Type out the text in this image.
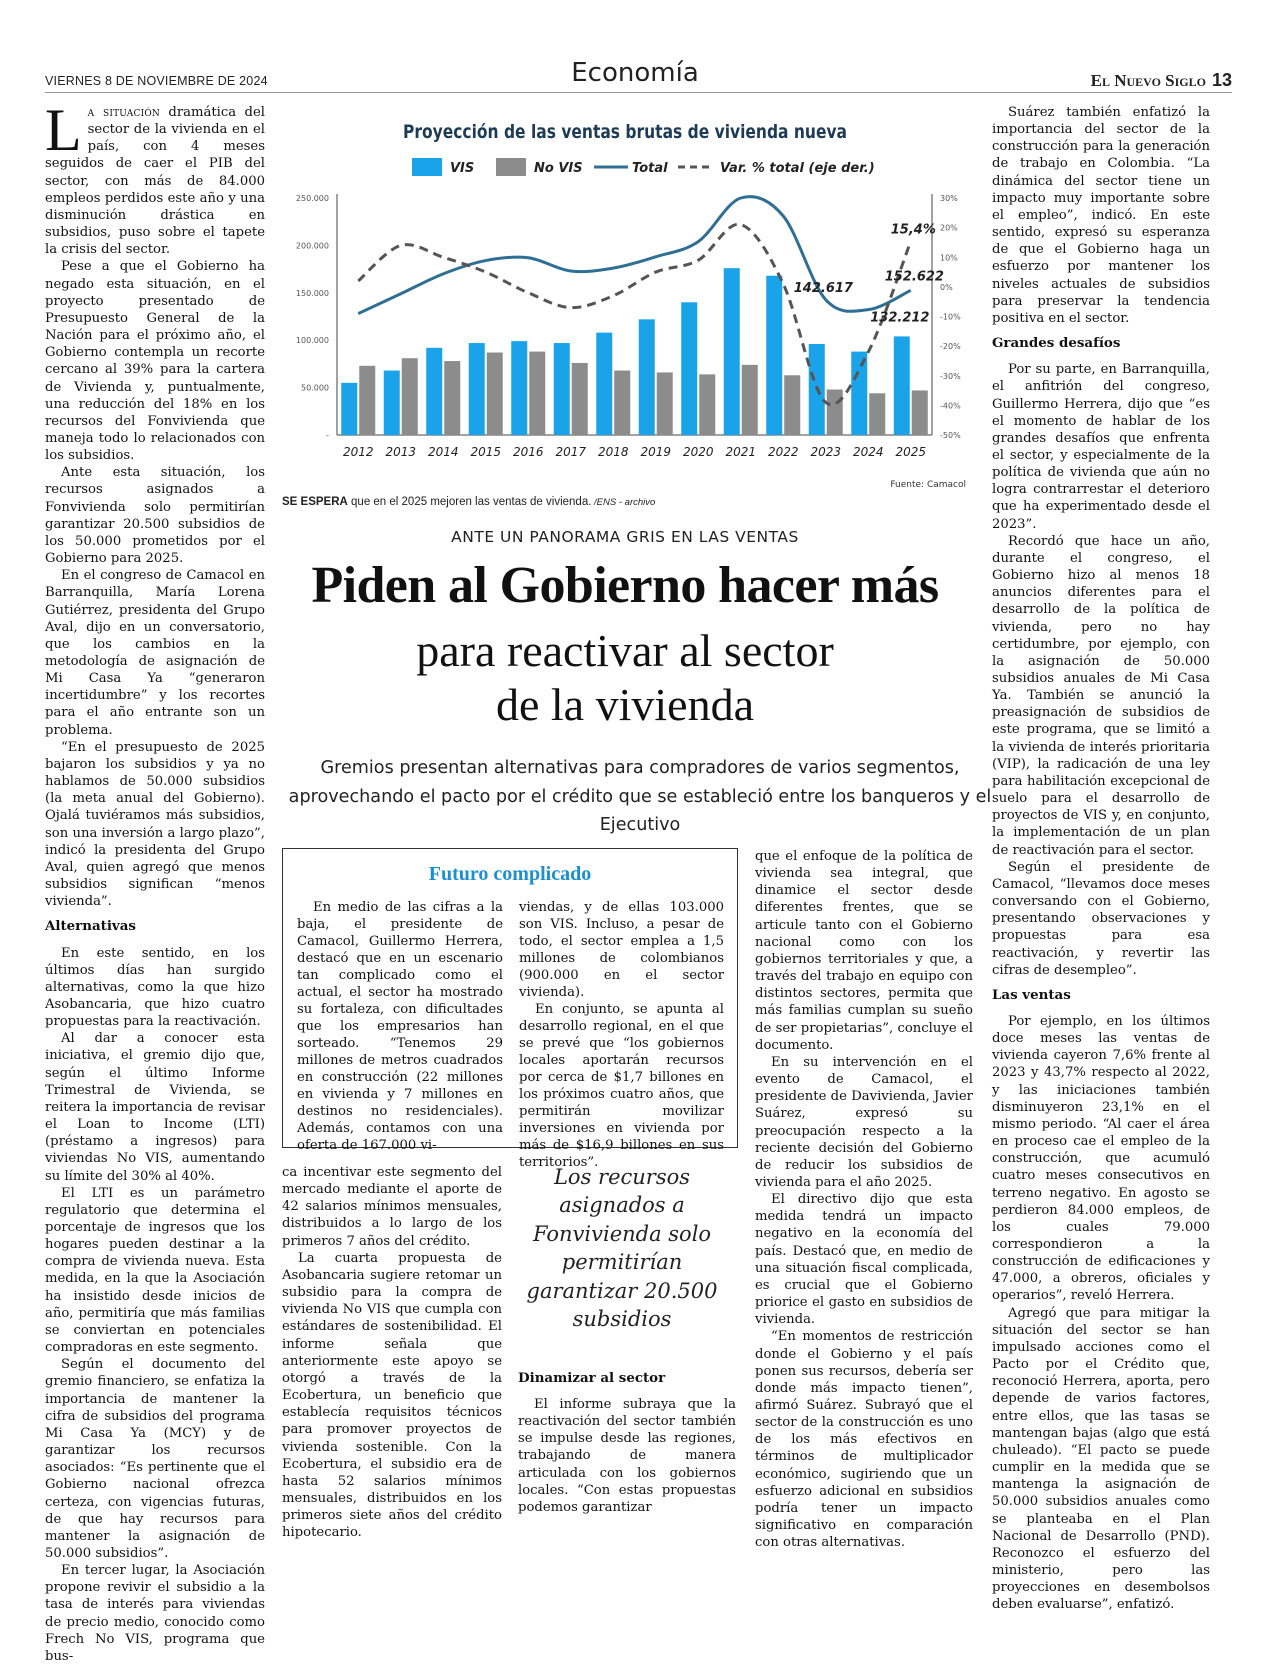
VIERNES 8 DE NOVIEMBRE DE 2024	Economía	El Nuevo Siglo 13

La situación dramática del sector de la vivienda en el país, con 4 meses seguidos de caer el PIB del sector, con más de 84.000 empleos perdidos este año y una disminución drástica en subsidios, puso sobre el tapete la crisis del sector.

Pese a que el Gobierno ha negado esta situación, en el proyecto presentado de Presupuesto General de la Nación para el próximo año, el Gobierno contempla un recorte cercano al 39% para la cartera de Vivienda y, puntualmente, una reducción del 18% en los recursos del Fonvivienda que maneja todo lo relacionados con los subsidios.

Ante esta situación, los recursos asignados a Fonvivienda solo permitirían garantizar 20.500 subsidios de los 50.000 prometidos por el Gobierno para 2025.

En el congreso de Camacol en Barranquilla, María Lorena Gutiérrez, presidenta del Grupo Aval, dijo en un conversatorio, que los cambios en la metodología de asignación de Mi Casa Ya “generaron incertidumbre” y los recortes para el año entrante son un problema.

“En el presupuesto de 2025 bajaron los subsidios y ya no hablamos de 50.000 subsidios (la meta anual del Gobierno). Ojalá tuviéramos más subsidios, son una inversión a largo plazo”, indicó la presidenta del Grupo Aval, quien agregó que menos subsidios significan “menos vivienda”.

Alternativas

En este sentido, en los últimos días han surgido alternativas, como la que hizo Asobancaria, que hizo cuatro propuestas para la reactivación.

Al dar a conocer esta iniciativa, el gremio dijo que, según el último Informe Trimestral de Vivienda, se reitera la importancia de revisar el Loan to Income (LTI) (préstamo a ingresos) para viviendas No VIS, aumentando su límite del 30% al 40%.

El LTI es un parámetro regulatorio que determina el porcentaje de ingresos que los hogares pueden destinar a la compra de vivienda nueva. Esta medida, en la que la Asociación ha insistido desde inicios de año, permitiría que más familias se conviertan en potenciales compradoras en este segmento.

Según el documento del gremio financiero, se enfatiza la importancia de mantener la cifra de subsidios del programa Mi Casa Ya (MCY) y de garantizar los recursos asociados: “Es pertinente que el Gobierno nacional ofrezca certeza, con vigencias futuras, de que hay recursos para mantener la asignación de 50.000 subsidios”.

En tercer lugar, la Asociación propone revivir el subsidio a la tasa de interés para viviendas de precio medio, conocido como Frech No VIS, programa que bus-

Proyección de las ventas brutas de vivienda nueva
VIS	No VIS	Total	Var. % total (eje der.)
250.000
200.000
150.000
100.000
50.000
-
30%
20%
10%
0%
-10%
-20%
-30%
-40%
-50%
2012 2013 2014 2015 2016 2017 2018 2019 2020 2021 2022 2023 2024 2025
142.617
132.212
152.622
15,4%
Fuente: Camacol
SE ESPERA que en el 2025 mejoren las ventas de vivienda. /ENS - archivo
ANTE UN PANORAMA GRIS EN LAS VENTAS
Piden al Gobierno hacer más
para reactivar al sector
de la vivienda
Gremios presentan alternativas para compradores de varios segmentos, aprovechando el pacto por el crédito que se estableció entre los banqueros y el Ejecutivo
Futuro complicado

En medio de las cifras a la baja, el presidente de Camacol, Guillermo Herrera, destacó que en un escenario tan complicado como el actual, el sector ha mostrado su fortaleza, con dificultades que los empresarios han sorteado. “Tenemos 29 millones de metros cuadrados en construcción (22 millones en vivienda y 7 millones en destinos no residenciales). Además, contamos con una oferta de 167.000 vi-

viendas, y de ellas 103.000 son VIS. Incluso, a pesar de todo, el sector emplea a 1,5 millones de colombianos (900.000 en el sector vivienda).

En conjunto, se apunta al desarrollo regional, en el que se prevé que “los gobiernos locales aportarán recursos por cerca de $1,7 billones en los próximos cuatro años, que permitirán movilizar inversiones en vivienda por más de $16,9 billones en sus territorios”.

ca incentivar este segmento del mercado mediante el aporte de 42 salarios mínimos mensuales, distribuidos a lo largo de los primeros 7 años del crédito.

La cuarta propuesta de Asobancaria sugiere retomar un subsidio para la compra de vivienda No VIS que cumpla con estándares de sostenibilidad. El informe señala que anteriormente este apoyo se otorgó a través de la Ecobertura, un beneficio que establecía requisitos técnicos para promover proyectos de vivienda sostenible. Con la Ecobertura, el subsidio era de hasta 52 salarios mínimos mensuales, distribuidos en los primeros siete años del crédito hipotecario.

Los recursos asignados a Fonvivienda solo permitirían garantizar 20.500 subsidios
Dinamizar al sector

El informe subraya que la reactivación del sector también se impulse desde las regiones, trabajando de manera articulada con los gobiernos locales. “Con estas propuestas podemos garantizar

que el enfoque de la política de vivienda sea integral, que dinamice el sector desde diferentes frentes, que se articule tanto con el Gobierno nacional como con los gobiernos territoriales y que, a través del trabajo en equipo con distintos sectores, permita que más familias cumplan su sueño de ser propietarias”, concluye el documento.

En su intervención en el evento de Camacol, el presidente de Davivienda, Javier Suárez, expresó su preocupación respecto a la reciente decisión del Gobierno de reducir los subsidios de vivienda para el año 2025.

El directivo dijo que esta medida tendrá un impacto negativo en la economía del país. Destacó que, en medio de una situación fiscal complicada, es crucial que el Gobierno priorice el gasto en subsidios de vivienda.

“En momentos de restricción donde el Gobierno y el país ponen sus recursos, debería ser donde más impacto tienen”, afirmó Suárez. Subrayó que el sector de la construcción es uno de los más efectivos en términos de multiplicador económico, sugiriendo que un esfuerzo adicional en subsidios podría tener un impacto significativo en comparación con otras alternativas.

Suárez también enfatizó la importancia del sector de la construcción para la generación de trabajo en Colombia. “La dinámica del sector tiene un impacto muy importante sobre el empleo”, indicó. En este sentido, expresó su esperanza de que el Gobierno haga un esfuerzo por mantener los niveles actuales de subsidios para preservar la tendencia positiva en el sector.

Grandes desafíos

Por su parte, en Barranquilla, el anfitrión del congreso, Guillermo Herrera, dijo que “es el momento de hablar de los grandes desafíos que enfrenta el sector, y especialmente de la política de vivienda que aún no logra contrarrestar el deterioro que ha experimentado desde el 2023”.

Recordó que hace un año, durante el congreso, el Gobierno hizo al menos 18 anuncios diferentes para el desarrollo de la política de vivienda, pero no hay certidumbre, por ejemplo, con la asignación de 50.000 subsidios anuales de Mi Casa Ya. También se anunció la preasignación de subsidios de este programa, que se limitó a la vivienda de interés prioritaria (VIP), la radicación de una ley para habilitación excepcional de suelo para el desarrollo de proyectos de VIS y, en conjunto, la implementación de un plan de reactivación para el sector.

Según el presidente de Camacol, “llevamos doce meses conversando con el Gobierno, presentando observaciones y propuestas para esa reactivación, y revertir las cifras de desempleo”.

Las ventas

Por ejemplo, en los últimos doce meses las ventas de vivienda cayeron 7,6% frente al 2023 y 43,7% respecto al 2022, y las iniciaciones también disminuyeron 23,1% en el mismo periodo. “Al caer el área en proceso cae el empleo de la construcción, que acumuló cuatro meses consecutivos en terreno negativo. En agosto se perdieron 84.000 empleos, de los cuales 79.000 correspondieron a la construcción de edificaciones y 47.000, a obreros, oficiales y operarios”, reveló Herrera.

Agregó que para mitigar la situación del sector se han impulsado acciones como el Pacto por el Crédito que, reconoció Herrera, aporta, pero depende de varios factores, entre ellos, que las tasas se mantengan bajas (algo que está chuleado). “El pacto se puede cumplir en la medida que se mantenga la asignación de 50.000 subsidios anuales como se planteaba en el Plan Nacional de Desarrollo (PND). Reconozco el esfuerzo del ministerio, pero las proyecciones en desembolsos deben evaluarse”, enfatizó.
